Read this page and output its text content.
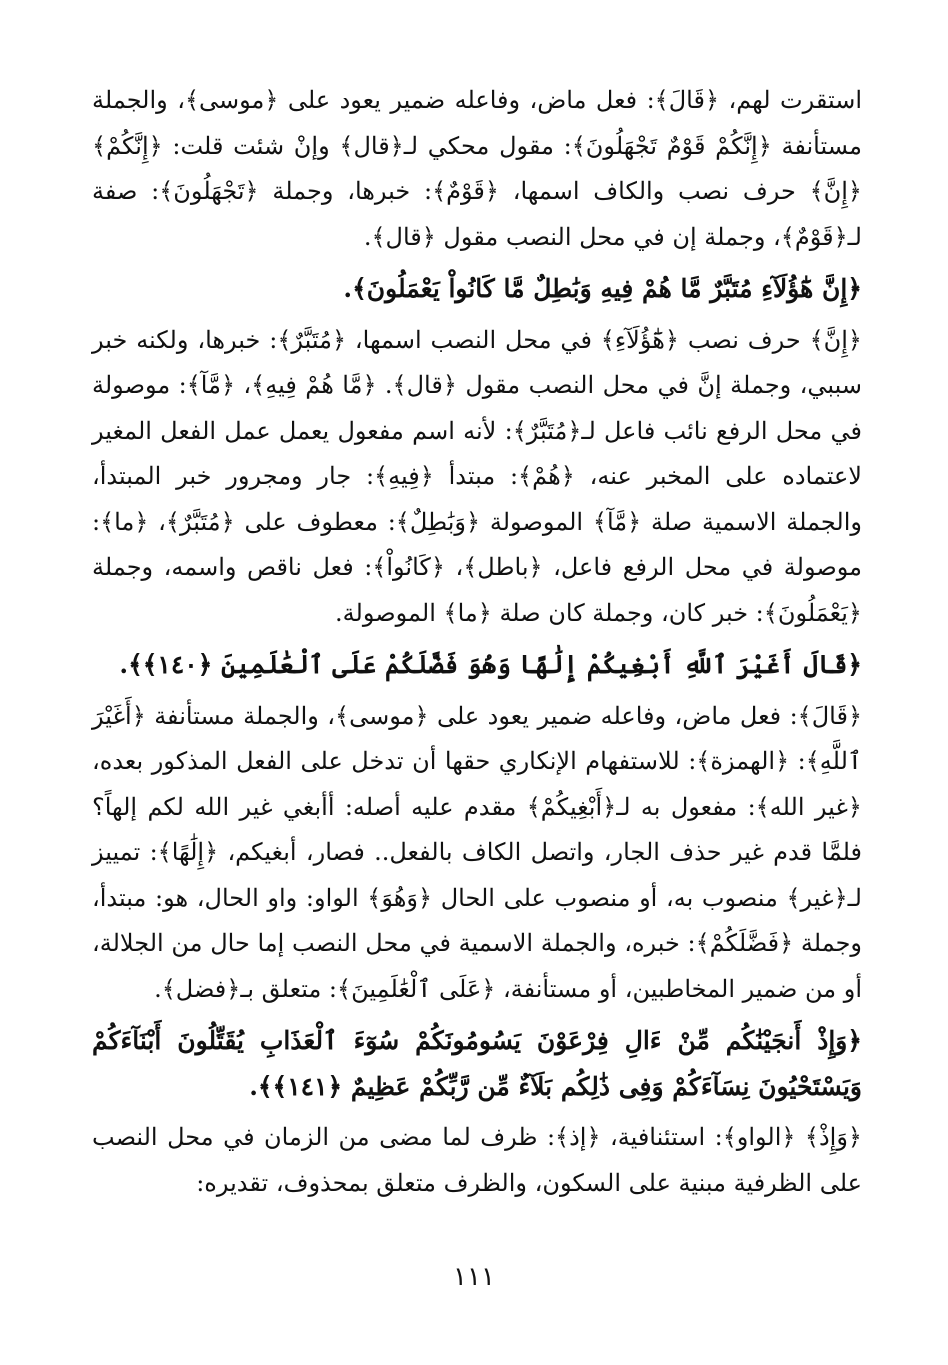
استقرت لهم، ﴿قَالَ﴾: فعل ماض، وفاعله ضمير يعود على ﴿موسى﴾، والجملة مستأنفة ﴿إِنَّكُمْ قَوْمٌ تَجْهَلُونَ﴾: مقول محكي لـ﴿قال﴾ وإنْ شئت قلت: ﴿إِنَّكُمْ﴾ ﴿إِنَّ﴾ حرف نصب والكاف اسمها، ﴿قَوْمٌ﴾: خبرها، وجملة ﴿تَجْهَلُونَ﴾: صفة لـ﴿قَوْمٌ﴾، وجملة إن في محل النصب مقول ﴿قال﴾.

﴿إِنَّ هَٰٓؤُلَآءِ مُتَبَّرٌ مَّا هُمْ فِيهِ وَبَٰطِلٌ مَّا كَانُواْ يَعْمَلُونَ﴾.

﴿إِنَّ﴾ حرف نصب ﴿هَٰٓؤُلَآءِ﴾ في محل النصب اسمها، ﴿مُتَبَّرٌ﴾: خبرها، ولكنه خبر سببي، وجملة إنَّ في محل النصب مقول ﴿قال﴾. ﴿مَّا هُمْ فِيهِ﴾، ﴿مَّآ﴾: موصولة في محل الرفع نائب فاعل لـ﴿مُتَبَّرٌ﴾: لأنه اسم مفعول يعمل عمل الفعل المغير لاعتماده على المخبر عنه، ﴿هُمْ﴾: مبتدأ ﴿فِيهِ﴾: جار ومجرور خبر المبتدأ، والجملة الاسمية صلة ﴿مَّآ﴾ الموصولة ﴿وَبَٰطِلٌ﴾: معطوف على ﴿مُتَبَّرٌ﴾، ﴿ما﴾: موصولة في محل الرفع فاعل، ﴿باطل﴾، ﴿كَانُواْ﴾: فعل ناقص واسمه، وجملة ﴿يَعْمَلُونَ﴾: خبر كان، وجملة كان صلة ﴿ما﴾ الموصولة.

﴿قَالَ أَغَيْرَ ٱللَّهِ أَبْغِيكُمْ إِلَٰهًا وَهُوَ فَضَّلَكُمْ عَلَى ٱلْعَٰلَمِينَ ﴿١٤٠﴾﴾.

﴿قَالَ﴾: فعل ماض، وفاعله ضمير يعود على ﴿موسى﴾، والجملة مستأنفة ﴿أَغَيْرَ ٱللَّهِ﴾: ﴿الهمزة﴾: للاستفهام الإنكاري حقها أن تدخل على الفعل المذكور بعده، ﴿غير الله﴾: مفعول به لـ﴿أَبْغِيكُمْ﴾ مقدم عليه أصله: أأبغي غير الله لكم إلهاً؟ فلمَّا قدم غير حذف الجار، واتصل الكاف بالفعل.. فصار، أبغيكم، ﴿إِلَٰهًا﴾: تمييز لـ﴿غير﴾ منصوب به، أو منصوب على الحال ﴿وَهُوَ﴾ الواو: واو الحال، هو: مبتدأ، وجملة ﴿فَضَّلَكُمْ﴾: خبره، والجملة الاسمية في محل النصب إما حال من الجلالة، أو من ضمير المخاطبين، أو مستأنفة، ﴿عَلَى ٱلْعَٰلَمِينَ﴾: متعلق بـ﴿فضل﴾.

﴿وَإِذْ أَنجَيْنَٰكُم مِّنْ ءَالِ فِرْعَوْنَ يَسُومُونَكُمْ سُوٓءَ ٱلْعَذَابِ يُقَتِّلُونَ أَبْنَآءَكُمْ وَيَسْتَحْيُونَ نِسَآءَكُمْ وَفِى ذَٰلِكُم بَلَآءٌ مِّن رَّبِّكُمْ عَظِيمٌ ﴿١٤١﴾﴾.

﴿وَإِذْ﴾ ﴿الواو﴾: استئنافية، ﴿إذ﴾: ظرف لما مضى من الزمان في محل النصب على الظرفية مبنية على السكون، والظرف متعلق بمحذوف، تقديره:

١١١
